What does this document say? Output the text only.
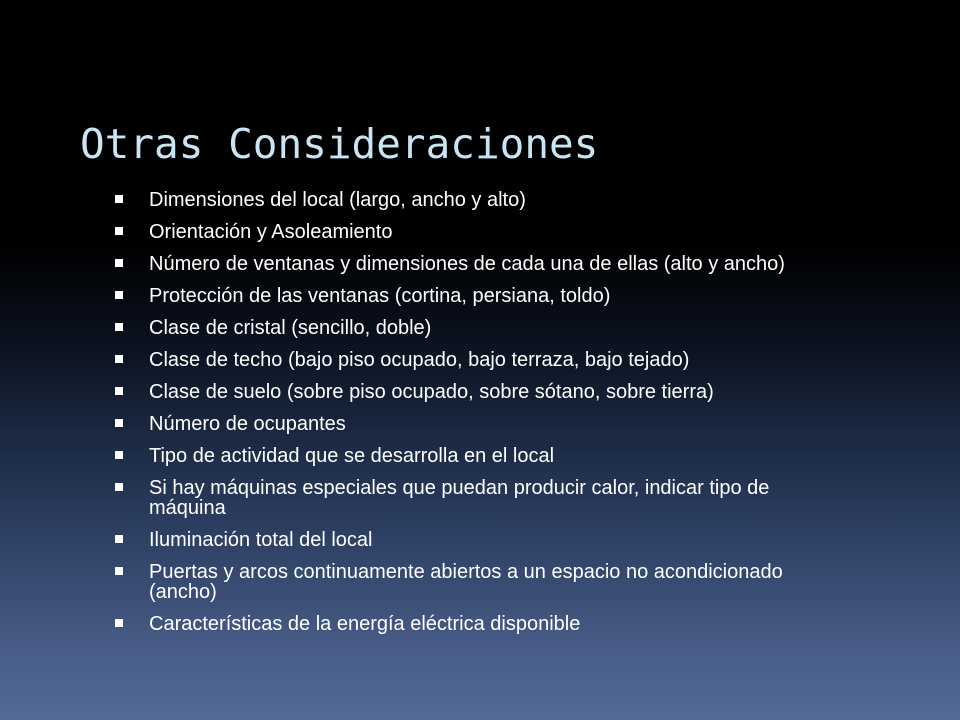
Otras Consideraciones
Dimensiones del local (largo, ancho y alto)
Orientación y Asoleamiento
Número de ventanas y dimensiones de cada una de ellas (alto y ancho)
Protección de las ventanas (cortina, persiana, toldo)
Clase de cristal (sencillo, doble)
Clase de techo (bajo piso ocupado, bajo terraza, bajo tejado)
Clase de suelo (sobre piso ocupado, sobre sótano, sobre tierra)
Número de ocupantes
Tipo de actividad que se desarrolla en el local
Si hay máquinas especiales que puedan producir calor, indicar tipo de máquina
Iluminación total del local
Puertas y arcos continuamente abiertos a un espacio no acondicionado (ancho)
Características de la energía eléctrica disponible
